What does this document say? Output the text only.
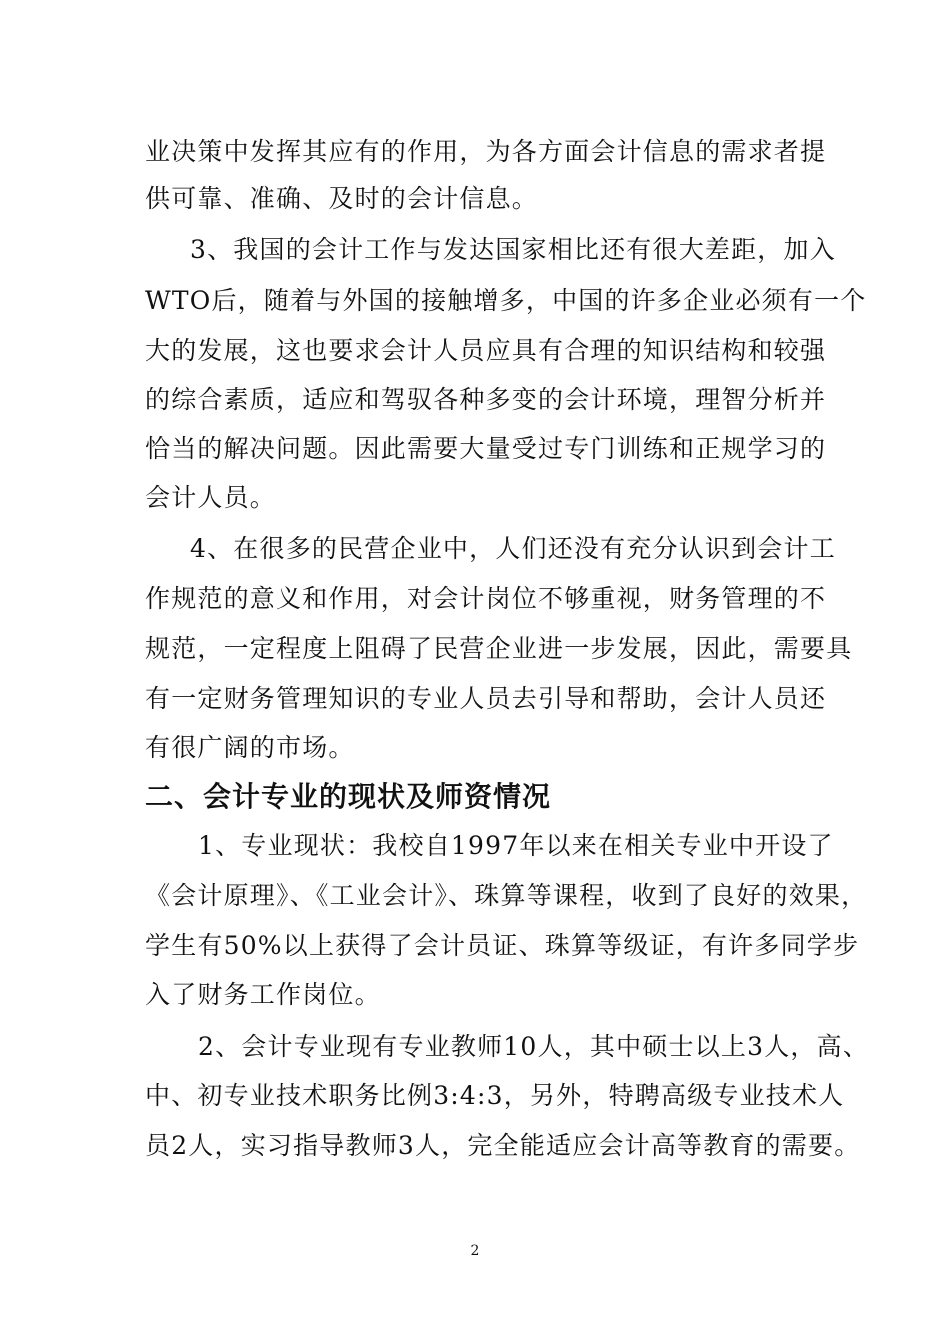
业决策中发挥其应有的作用，为各方面会计信息的需求者提
供可靠、准确、及时的会计信息。
3、我国的会计工作与发达国家相比还有很大差距，加入
WTO后，随着与外国的接触增多，中国的许多企业必须有一个
大的发展，这也要求会计人员应具有合理的知识结构和较强
的综合素质，适应和驾驭各种多变的会计环境，理智分析并
恰当的解决问题。因此需要大量受过专门训练和正规学习的
会计人员。
4、在很多的民营企业中，人们还没有充分认识到会计工
作规范的意义和作用，对会计岗位不够重视，财务管理的不
规范，一定程度上阻碍了民营企业进一步发展，因此，需要具
有一定财务管理知识的专业人员去引导和帮助，会计人员还
有很广阔的市场。
二、会计专业的现状及师资情况
1、专业现状：我校自1997年以来在相关专业中开设了
《会计原理》、《工业会计》、珠算等课程，收到了良好的效果，
学生有50%以上获得了会计员证、珠算等级证，有许多同学步
入了财务工作岗位。
2、会计专业现有专业教师10人，其中硕士以上3人，高、
中、初专业技术职务比例3:4:3，另外，特聘高级专业技术人
员2人，实习指导教师3人，完全能适应会计高等教育的需要。
2
